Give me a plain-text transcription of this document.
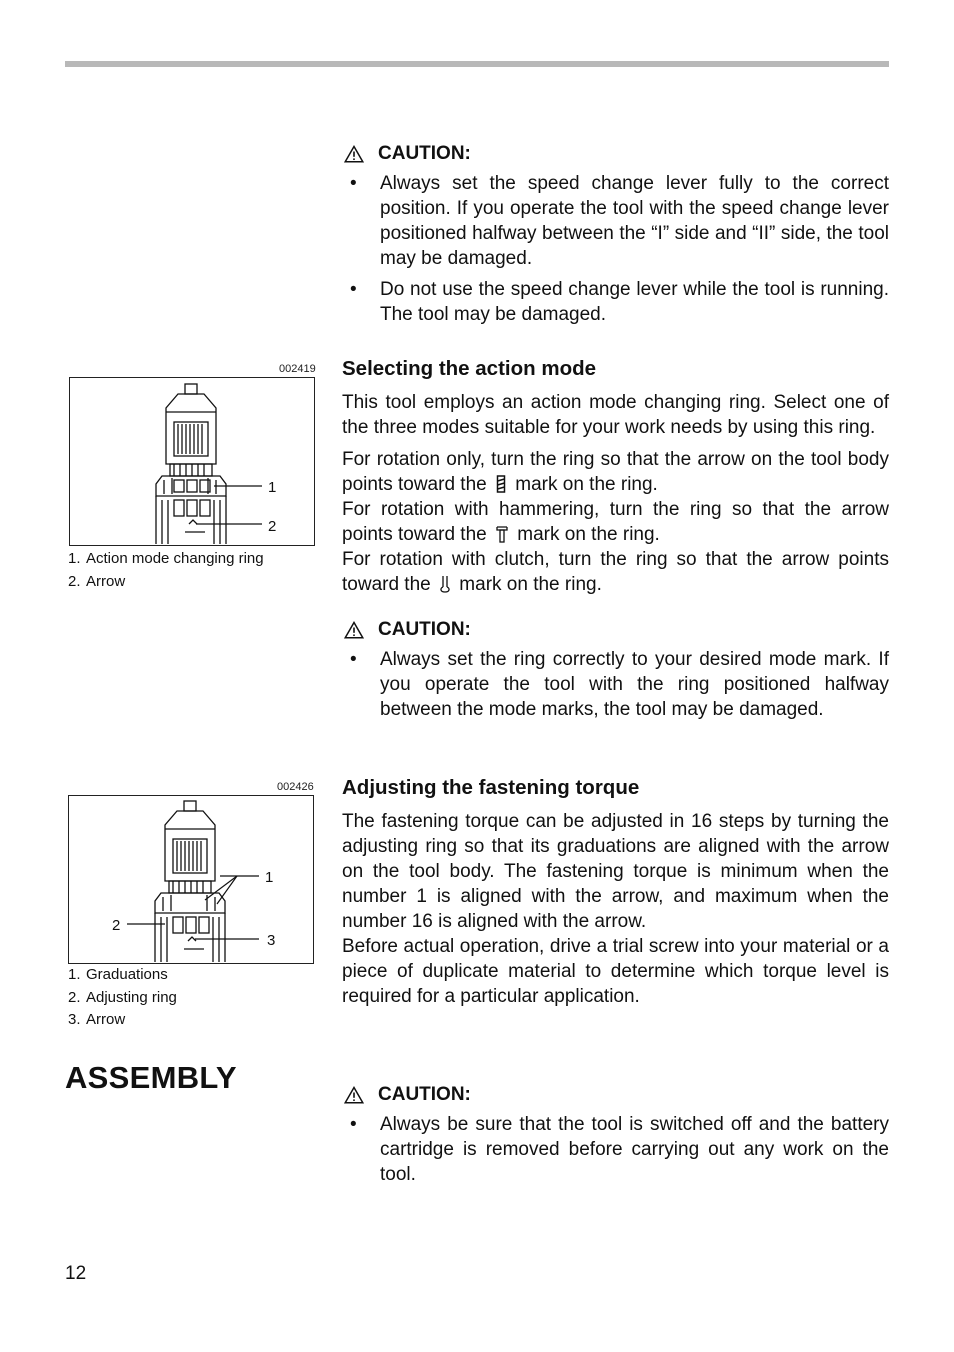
CAUTION:
• Always set the speed change lever fully to the correct position. If you operate the tool with the speed change lever positioned halfway between the “I” side and “II” side, the tool may be damaged.
• Do not use the speed change lever while the tool is running. The tool may be damaged.
002419
1
2
1. Action mode changing ring
2. Arrow
Selecting the action mode

This tool employs an action mode changing ring. Select one of the three modes suitable for your work needs by using this ring.

For rotation only, turn the ring so that the arrow on the tool body points toward the mark on the ring.
For rotation with hammering, turn the ring so that the arrow points toward the mark on the ring.
For rotation with clutch, turn the ring so that the arrow points toward the mark on the ring.

CAUTION:
• Always set the ring correctly to your desired mode mark. If you operate the tool with the ring positioned halfway between the mode marks, the tool may be damaged.
002426
1
2
3
1. Graduations
2. Adjusting ring
3. Arrow
Adjusting the fastening torque

The fastening torque can be adjusted in 16 steps by turning the adjusting ring so that its graduations are aligned with the arrow on the tool body. The fastening torque is minimum when the number 1 is aligned with the arrow, and maximum when the number 16 is aligned with the arrow.

Before actual operation, drive a trial screw into your material or a piece of duplicate material to determine which torque level is required for a particular application.

ASSEMBLY	CAUTION:
• Always be sure that the tool is switched off and the battery cartridge is removed before carrying out any work on the tool.
12
